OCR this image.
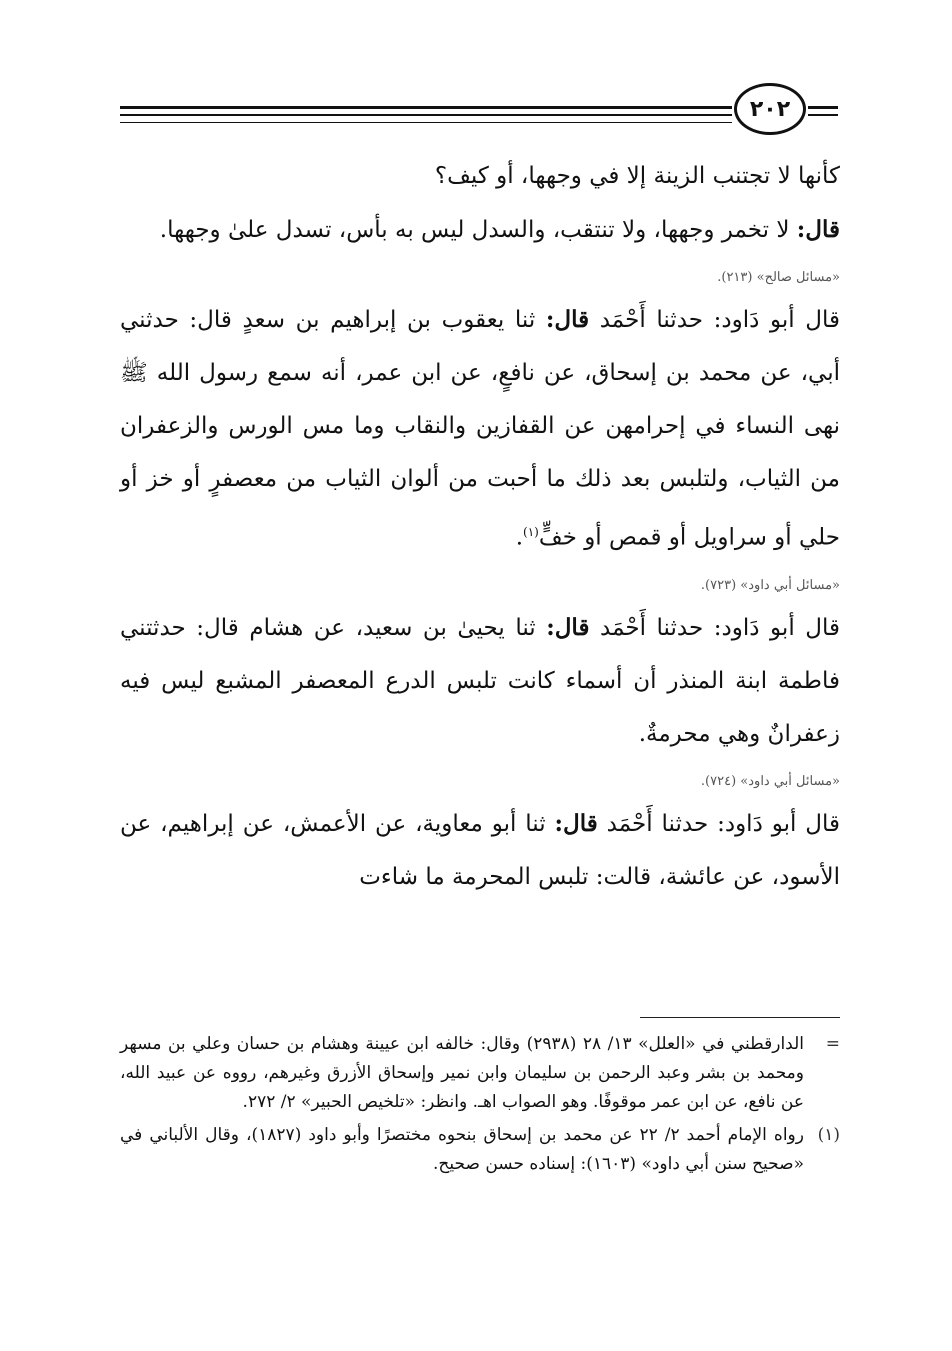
٢٠٢

كأنها لا تجتنب الزينة إلا في وجهها، أو كيف؟

قال: لا تخمر وجهها، ولا تنتقب، والسدل ليس به بأس، تسدل علىٰ وجهها.

«مسائل صالح» (٢١٣).

قال أبو دَاود: حدثنا أَحْمَد قال: ثنا يعقوب بن إبراهيم بن سعدٍ قال: حدثني أبي، عن محمد بن إسحاق، عن نافعٍ، عن ابن عمر، أنه سمع رسول الله ﷺ نهى النساء في إحرامهن عن القفازين والنقاب وما مس الورس والزعفران من الثياب، ولتلبس بعد ذلك ما أحبت من ألوان الثياب من معصفرٍ أو خز أو حلي أو سراويل أو قمص أو خفٍّ$^{(١)}$.

«مسائل أبي داود» (٧٢٣).

قال أبو دَاود: حدثنا أَحْمَد قال: ثنا يحيىٰ بن سعيد، عن هشام قال: حدثتني فاطمة ابنة المنذر أن أسماء كانت تلبس الدرع المعصفر المشبع ليس فيه زعفرانٌ وهي محرمةٌ.

«مسائل أبي داود» (٧٢٤).

قال أبو دَاود: حدثنا أَحْمَد قال: ثنا أبو معاوية، عن الأعمش، عن إبراهيم، عن الأسود، عن عائشة، قالت: تلبس المحرمة ما شاءت

=
الدارقطني في «العلل» ١٣/ ٢٨ (٢٩٣٨) وقال: خالفه ابن عيينة وهشام بن حسان وعلي بن مسهر ومحمد بن بشر وعبد الرحمن بن سليمان وابن نمير وإسحاق الأزرق وغيرهم، رووه عن عبيد الله، عن نافع، عن ابن عمر موقوفًا. وهو الصواب اهـ. وانظر: «تلخيص الحبير» ٢/ ٢٧٢.
(١)
رواه الإمام أحمد ٢/ ٢٢ عن محمد بن إسحاق بنحوه مختصرًا وأبو داود (١٨٢٧)، وقال الألباني في «صحيح سنن أبي داود» (١٦٠٣): إسناده حسن صحيح.
